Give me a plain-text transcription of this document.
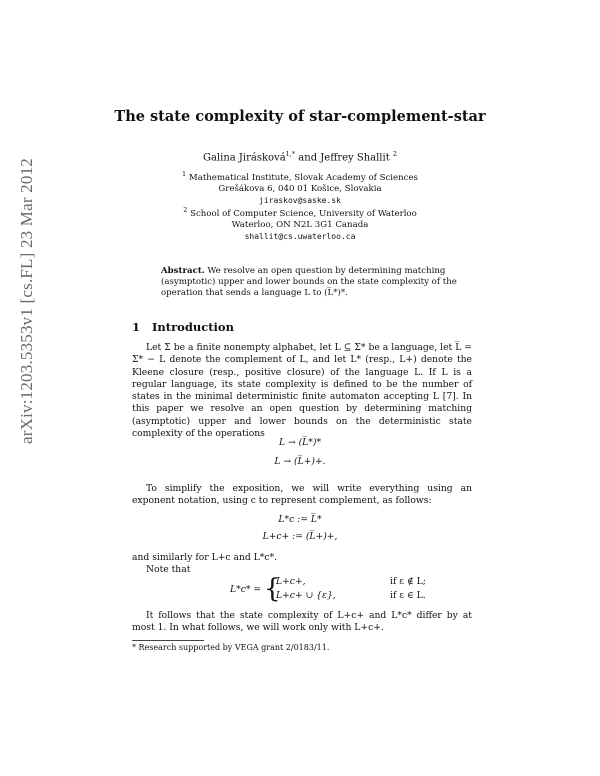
arXiv:1203.5353v1 [cs.FL] 23 Mar 2012
The state complexity of star-complement-star
Galina Jirásková$^{1,*}$ and Jeffrey Shallit $^2$
$^1$ Mathematical Institute, Slovak Academy of Sciences
Grešákova 6, 040 01 Košice, Slovakia
jiraskov@saske.sk
$^2$ School of Computer Science, University of Waterloo
Waterloo, ON N2L 3G1 Canada
shallit@cs.uwaterloo.ca
Abstract. We resolve an open question by determining matching (asymptotic) upper and lower bounds on the state complexity of the operation that sends a language L to (L̅*)*.
1 Introduction
Let Σ be a finite nonempty alphabet, let L ⊆ Σ* be a language, let L̅ = Σ* − L denote the complement of L, and let L* (resp., L+) denote the Kleene closure (resp., positive closure) of the language L. If L is a regular language, its state complexity is defined to be the number of states in the minimal deterministic finite automaton accepting L [7]. In this paper we resolve an open question by determining matching (asymptotic) upper and lower bounds on the deterministic state complexity of the operations
L → (L̅*)*
L → (L̅+)+.
To simplify the exposition, we will write everything using an exponent notation, using c to represent complement, as follows:
L*c := L̅*
L+c+ := (L̅+)+,
and similarly for L+c and L*c*.
Note that
L*c* = {
L+c+,	if ε ∉ L;
L+c+ ∪ {ε},	if ε ∈ L.
It follows that the state complexity of L+c+ and L*c* differ by at most 1. In what follows, we will work only with L+c+.
* Research supported by VEGA grant 2/0183/11.
